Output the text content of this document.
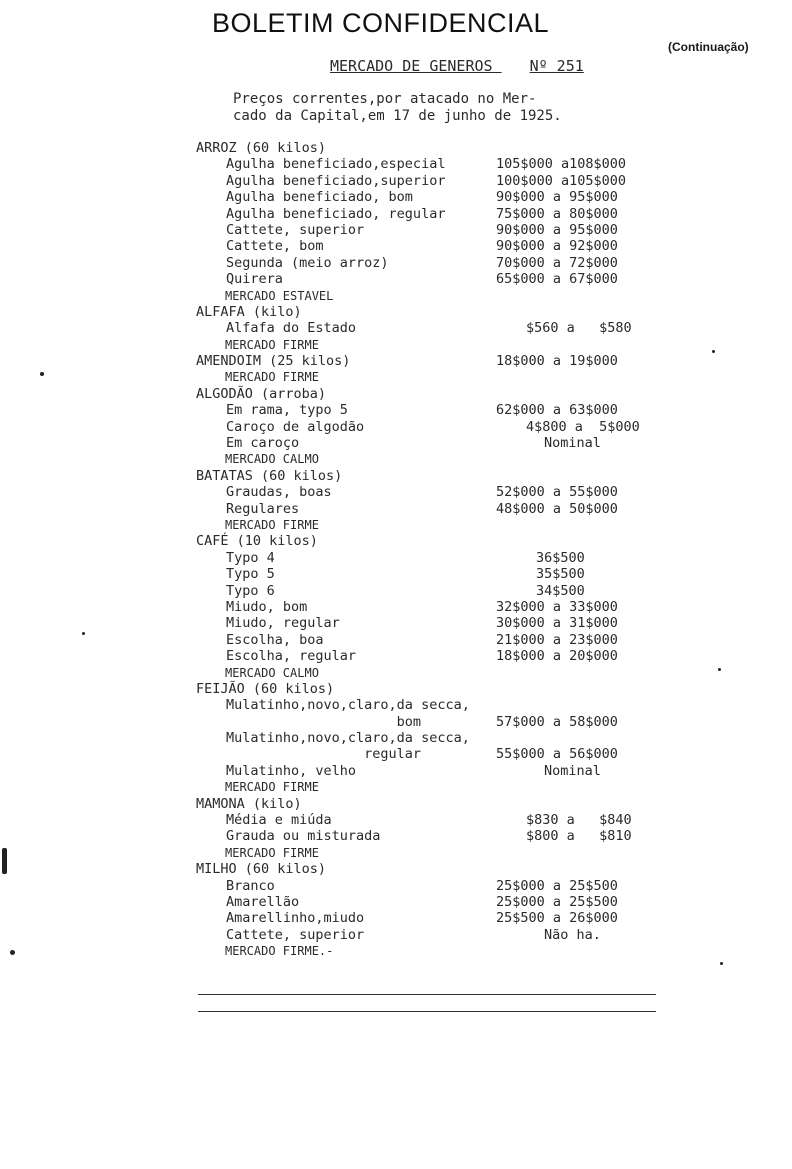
BOLETIM CONFIDENCIAL
(Continuação)
MERCADO DE GENEROS Nº 251
Preços correntes,por atacado no Mer-
cado da Capital,em 17 de junho de 1925.
ARROZ (60 kilos)
Agulha beneficiado,especial	105$000 a108$000
Agulha beneficiado,superior	100$000 a105$000
Agulha beneficiado, bom	90$000 a 95$000
Agulha beneficiado, regular	75$000 a 80$000
Cattete, superior	90$000 a 95$000
Cattete, bom	90$000 a 92$000
Segunda (meio arroz)	70$000 a 72$000
Quirera	65$000 a 67$000
MERCADO ESTAVEL
ALFAFA (kilo)
Alfafa do Estado	$560 a   $580
MERCADO FIRME
AMENDOIM (25 kilos)	18$000 a 19$000
MERCADO FIRME
ALGODÃO (arroba)
Em rama, typo 5	62$000 a 63$000
Caroço de algodão	4$800 a  5$000
Em caroço	Nominal
MERCADO CALMO
BATATAS (60 kilos)
Graudas, boas	52$000 a 55$000
Regulares	48$000 a 50$000
MERCADO FIRME
CAFÉ (10 kilos)
Typo 4	36$500
Typo 5	35$500
Typo 6	34$500
Miudo, bom	32$000 a 33$000
Miudo, regular	30$000 a 31$000
Escolha, boa	21$000 a 23$000
Escolha, regular	18$000 a 20$000
MERCADO CALMO
FEIJÃO (60 kilos)
Mulatinho,novo,claro,da secca,
bom	57$000 a 58$000
Mulatinho,novo,claro,da secca,
regular	55$000 a 56$000
Mulatinho, velho	Nominal
MERCADO FIRME
MAMONA (kilo)
Média e miúda	$830 a   $840
Grauda ou misturada	$800 a   $810
MERCADO FIRME
MILHO (60 kilos)
Branco	25$000 a 25$500
Amarellão	25$000 a 25$500
Amarellinho,miudo	25$500 a 26$000
Cattete, superior	Não ha.
MERCADO FIRME.-
